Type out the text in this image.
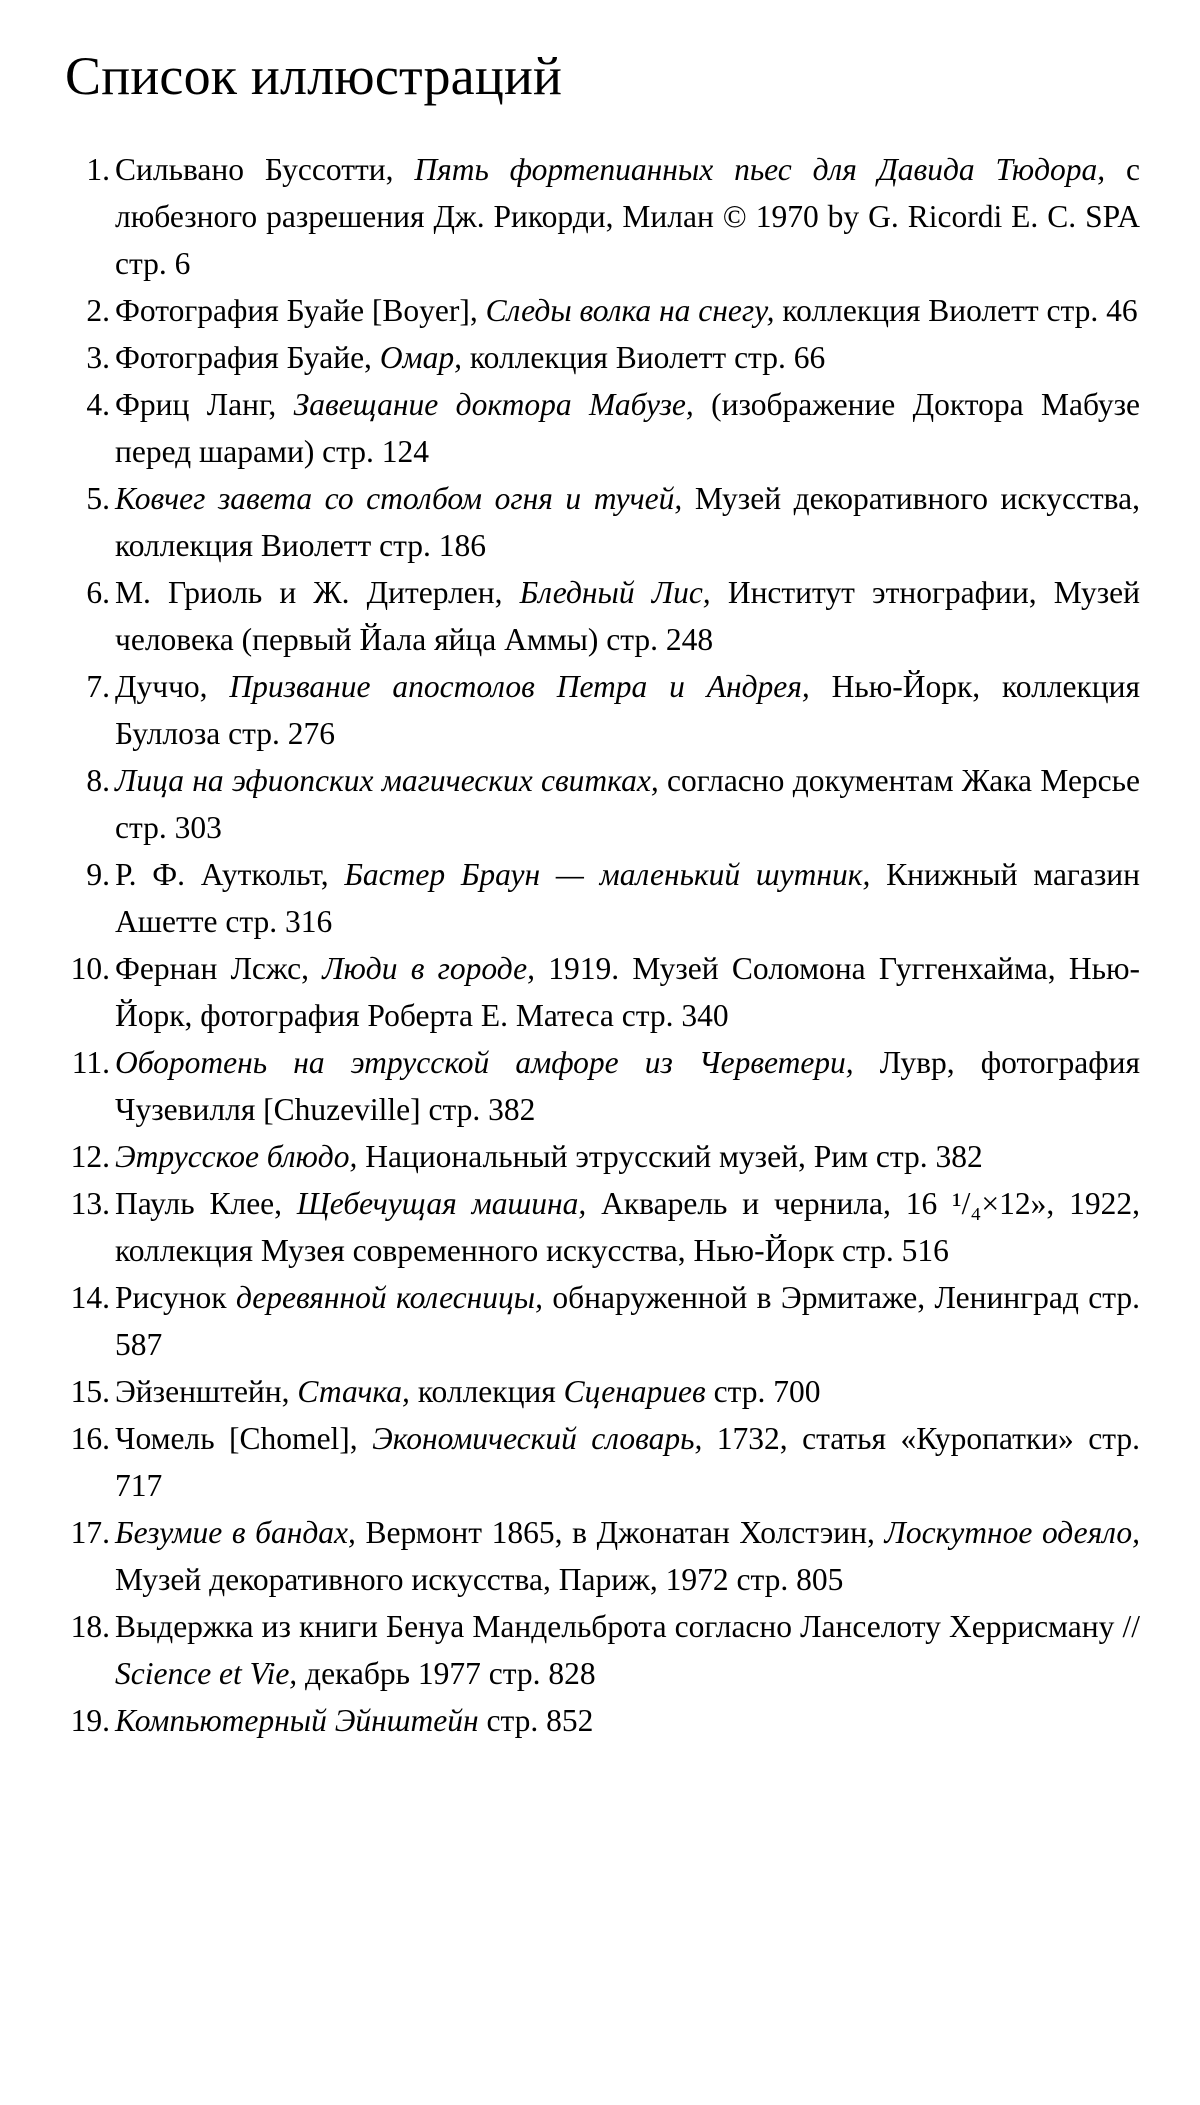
Список иллюстраций
1. Сильвано Буссотти, Пять фортепианных пьес для Давида Тюдора, с любезного разрешения Дж. Рикорди, Милан © 1970 by G. Ricordi E. C. SPA стр. 6
2. Фотография Буайе [Boyer], Следы волка на снегу, коллекция Виолетт стр. 46
3. Фотография Буайе, Омар, коллекция Виолетт стр. 66
4. Фриц Ланг, Завещание доктора Мабузе, (изображение Доктора Мабузе перед шарами) стр. 124
5. Ковчег завета со столбом огня и тучей, Музей декоративного искусства, коллекция Виолетт стр. 186
6. М. Гриоль и Ж. Дитерлен, Бледный Лис, Институт этнографии, Музей человека (первый Йала яйца Аммы) стр. 248
7. Дуччо, Призвание апостолов Петра и Андрея, Нью-Йорк, коллекция Буллоза стр. 276
8. Лица на эфиопских магических свитках, согласно документам Жака Мерсье стр. 303
9. Р. Ф. Ауткольт, Бастер Браун — маленький шутник, Книжный магазин Ашетте стр. 316
10. Фернан Лсжс, Люди в городе, 1919. Музей Соломона Гуггенхайма, Нью-Йорк, фотография Роберта Е. Матеса стр. 340
11. Оборотень на этрусской амфоре из Черветери, Лувр, фотография Чузевилля [Chuzeville] стр. 382
12. Этрусское блюдо, Национальный этрусский музей, Рим стр. 382
13. Пауль Клее, Щебечущая машина, Акварель и чернила, 16 ¹/₄×12», 1922, коллекция Музея современного искусства, Нью-Йорк стр. 516
14. Рисунок деревянной колесницы, обнаруженной в Эрмитаже, Ленинград стр. 587
15. Эйзенштейн, Стачка, коллекция Сценариев стр. 700
16. Чомель [Chomel], Экономический словарь, 1732, статья «Куропатки» стр. 717
17. Безумие в бандах, Вермонт 1865, в Джонатан Холстэин, Лоскутное одеяло, Музей декоративного искусства, Париж, 1972 стр. 805
18. Выдержка из книги Бенуа Мандельброта согласно Ланселоту Херрисману // Science et Vie, декабрь 1977 стр. 828
19. Компьютерный Эйнштейн стр. 852
